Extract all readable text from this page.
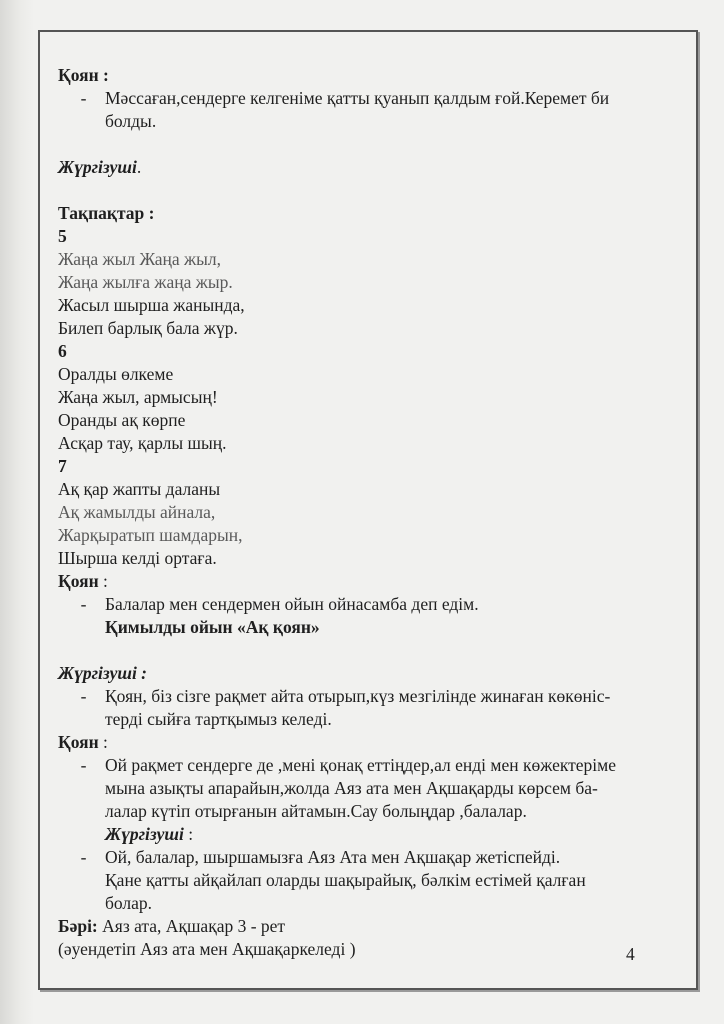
Қоян :

-	Мәссаған,сендерге келгеніме қатты қуанып қалдым ғой.Керемет би

болды.

Жүргізуші.

Тақпақтар :

5

Жаңа жыл Жаңа жыл,

Жаңа жылға жаңа жыр.

Жасыл шырша жанында,

Билеп барлық бала жүр.

6

Оралды өлкеме

Жаңа жыл, армысың!

Оранды ақ көрпе

Асқар тау, қарлы шың.

7

Ақ қар жапты даланы

Ақ жамылды айнала,

Жарқыратып шамдарын,

Шырша келді ортаға.

Қоян :

-	Балалар мен сендермен ойын ойнасамба деп едім.

Қимылды ойын «Ақ қоян»

Жүргізуші :

-	Қоян, біз сізге рақмет айта отырып,күз мезгілінде жинаған көкөніс-

терді сыйға тартқымыз келеді.

Қоян :

-	Ой рақмет сендерге де ,мені қонақ еттіңдер,ал енді мен көжектеріме

мына азықты апарайын,жолда Аяз ата мен Ақшақарды көрсем ба-

лалар күтіп отырғанын айтамын.Сау болыңдар ,балалар.

Жүргізуші :

-	Ой, балалар, шыршамызға Аяз Ата мен Ақшақар жетіспейді.

Қане қатты айқайлап оларды шақырайық, бәлкім естімей қалған

болар.

Бәрі: Аяз ата, Ақшақар 3 - рет

(әуендетіп Аяз ата мен Ақшақаркеледі )	4
